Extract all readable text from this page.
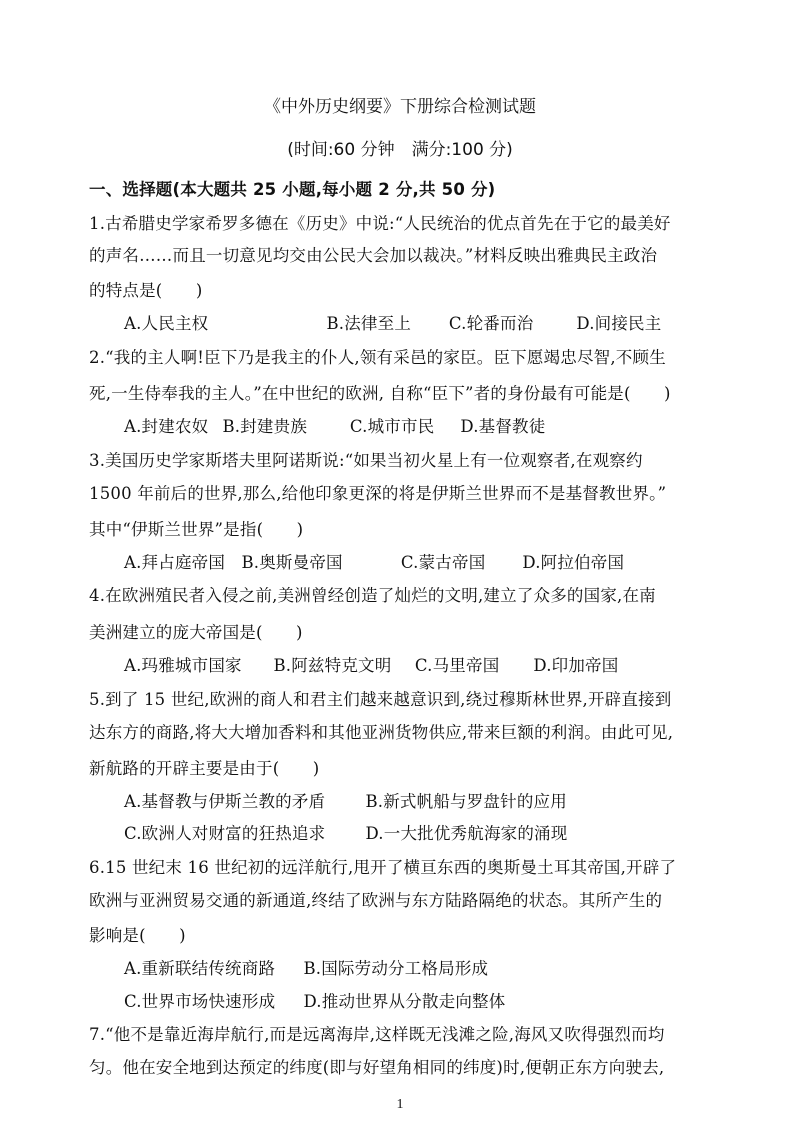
《中外历史纲要》下册综合检测试题
(时间:60 分钟　满分:100 分)
一、选择题(本大题共 25 小题,每小题 2 分,共 50 分)
1.古希腊史学家希罗多德在《历史》中说:“人民统治的优点首先在于它的最美好
的声名……而且一切意见均交由公民大会加以裁决。”材料反映出雅典民主政治
的特点是(　　)
A.人民主权	B.法律至上 C.轮番而治	D.间接民主
2.“我的主人啊!臣下乃是我主的仆人,领有采邑的家臣。臣下愿竭忠尽智,不顾生
死,一生侍奉我的主人。”在中世纪的欧洲, 自称“臣下”者的身份最有可能是(　　)
A.封建农奴 B.封建贵族	C.城市市民 D.基督教徒
3.美国历史学家斯塔夫里阿诺斯说:“如果当初火星上有一位观察者,在观察约
1500 年前后的世界,那么,给他印象更深的将是伊斯兰世界而不是基督教世界。”
其中“伊斯兰世界”是指(　　)
A.拜占庭帝国 B.奥斯曼帝国	C.蒙古帝国 D.阿拉伯帝国
4.在欧洲殖民者入侵之前,美洲曾经创造了灿烂的文明,建立了众多的国家,在南
美洲建立的庞大帝国是(　　)
A.玛雅城市国家 B.阿兹特克文明 C.马里帝国 D.印加帝国
5.到了 15 世纪,欧洲的商人和君主们越来越意识到,绕过穆斯林世界,开辟直接到
达东方的商路,将大大增加香料和其他亚洲货物供应,带来巨额的利润。由此可见,
新航路的开辟主要是由于(　　)
A.基督教与伊斯兰教的矛盾 B.新式帆船与罗盘针的应用
C.欧洲人对财富的狂热追求 D.一大批优秀航海家的涌现
6.15 世纪末 16 世纪初的远洋航行,甩开了横亘东西的奥斯曼土耳其帝国,开辟了
欧洲与亚洲贸易交通的新通道,终结了欧洲与东方陆路隔绝的状态。其所产生的
影响是(　　)
A.重新联结传统商路 B.国际劳动分工格局形成
C.世界市场快速形成 D.推动世界从分散走向整体
7.“他不是靠近海岸航行,而是远离海岸,这样既无浅滩之险,海风又吹得强烈而均
匀。他在安全地到达预定的纬度(即与好望角相同的纬度)时,便朝正东方向驶去,
1
